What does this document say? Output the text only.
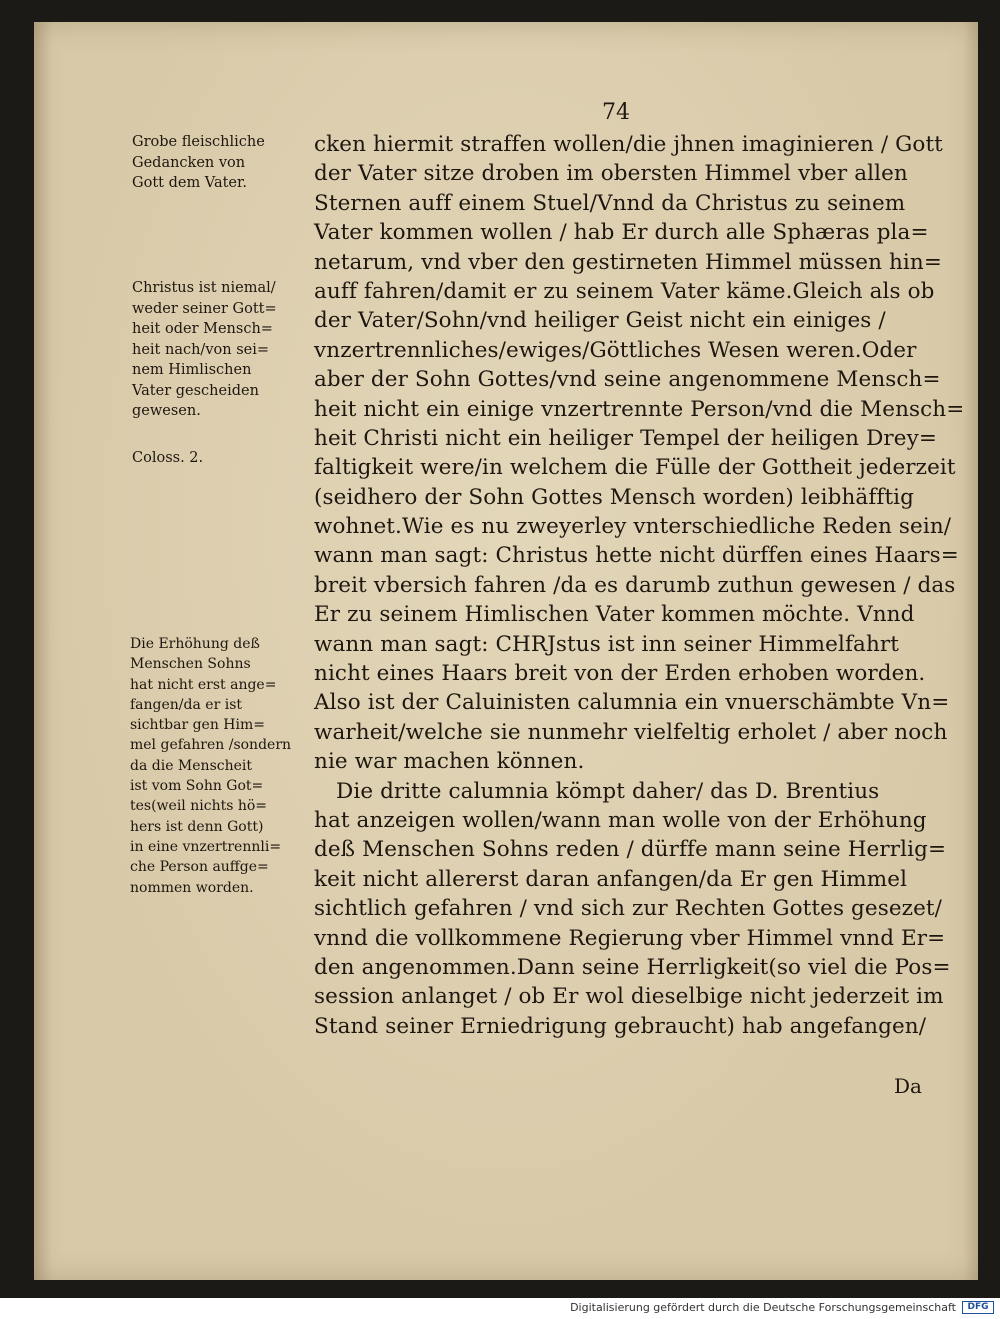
74
Grobe fleischliche
Gedancken von
Gott dem Vater.
Christus ist niemal/
weder seiner Gott=
heit oder Mensch=
heit nach/von sei=
nem Himlischen
Vater gescheiden
gewesen.
Coloss. 2.
Die Erhöhung deß
Menschen Sohns
hat nicht erst ange=
fangen/da er ist
sichtbar gen Him=
mel gefahren /sondern
da die Menscheit
ist vom Sohn Got=
tes(weil nichts hö=
hers ist denn Gott)
in eine vnzertrennli=
che Person auffge=
nommen worden.
cken hiermit straffen wollen/die jhnen imaginieren / Gott
der Vater sitze droben im obersten Himmel vber allen
Sternen auff einem Stuel/Vnnd da Christus zu seinem
Vater kommen wollen / hab Er durch alle Sphæras pla=
netarum, vnd vber den gestirneten Himmel müssen hin=
auff fahren/damit er zu seinem Vater käme.Gleich als ob
der Vater/Sohn/vnd heiliger Geist nicht ein einiges /
vnzertrennliches/ewiges/Göttliches Wesen weren.Oder
aber der Sohn Gottes/vnd seine angenommene Mensch=
heit nicht ein einige vnzertrennte Person/vnd die Mensch=
heit Christi nicht ein heiliger Tempel der heiligen Drey=
faltigkeit were/in welchem die Fülle der Gottheit jederzeit
(seidhero der Sohn Gottes Mensch worden) leibhäfftig
wohnet.Wie es nu zweyerley vnterschiedliche Reden sein/
wann man sagt: Christus hette nicht dürffen eines Haars=
breit vbersich fahren /da es darumb zuthun gewesen / das
Er zu seinem Himlischen Vater kommen möchte. Vnnd
wann man sagt: CHRJstus ist inn seiner Himmelfahrt
nicht eines Haars breit von der Erden erhoben worden.
Also ist der Caluinisten calumnia ein vnuerschämbte Vn=
warheit/welche sie nunmehr vielfeltig erholet / aber noch
nie war machen können.
Die dritte calumnia kömpt daher/ das D. Brentius
hat anzeigen wollen/wann man wolle von der Erhöhung
deß Menschen Sohns reden / dürffe mann seine Herrlig=
keit nicht allererst daran anfangen/da Er gen Himmel
sichtlich gefahren / vnd sich zur Rechten Gottes gesezet/
vnnd die vollkommene Regierung vber Himmel vnnd Er=
den angenommen.Dann seine Herrligkeit(so viel die Pos=
session anlanget / ob Er wol dieselbige nicht jederzeit im
Stand seiner Erniedrigung gebraucht) hab angefangen/
Da
Digitalisierung gefördert durch die Deutsche Forschungsgemeinschaft	DFG
